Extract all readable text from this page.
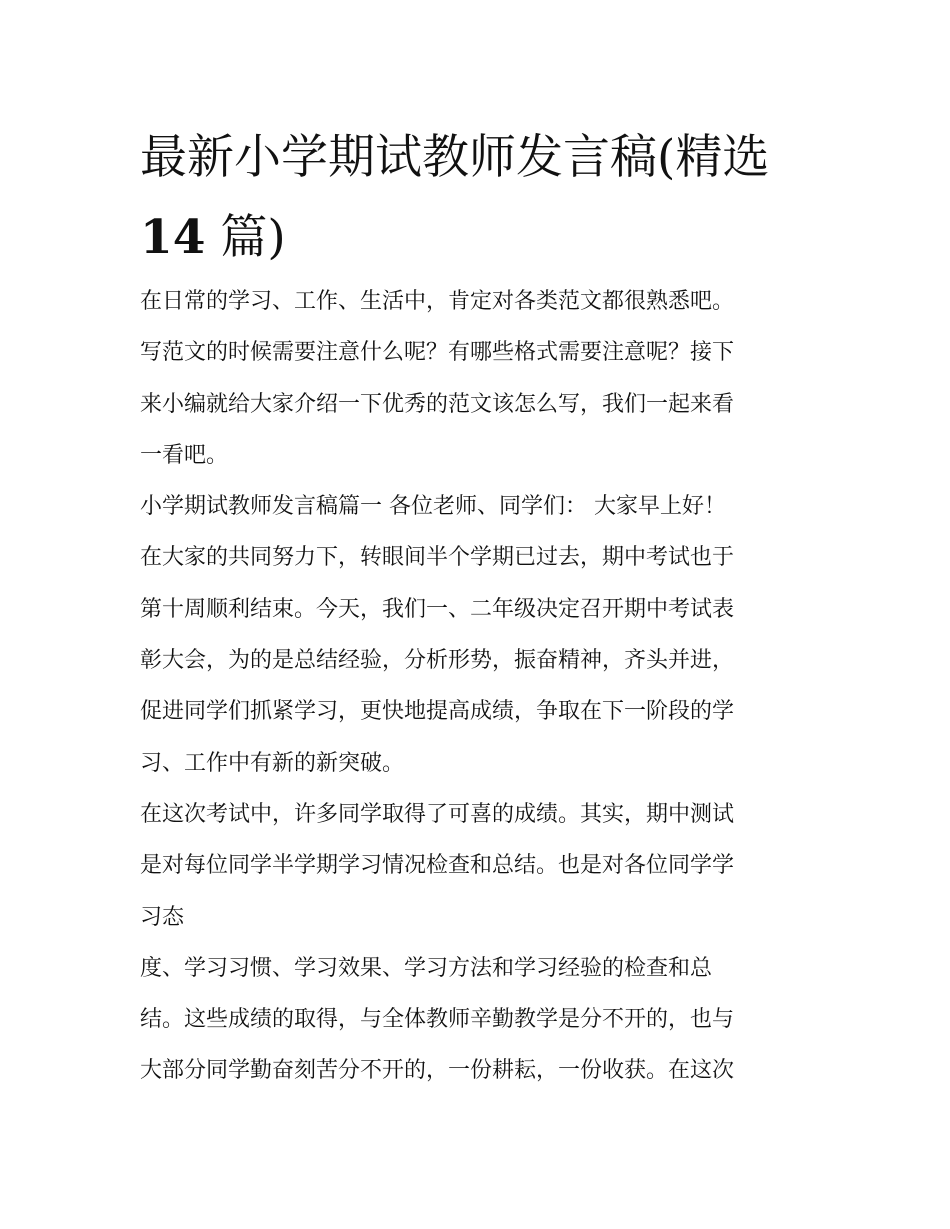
最新小学期试教师发言稿(精选
14 篇)
在日常的学习、工作、生活中，肯定对各类范文都很熟悉吧。
写范文的时候需要注意什么呢？有哪些格式需要注意呢？接下
来小编就给大家介绍一下优秀的范文该怎么写，我们一起来看
一看吧。
小学期试教师发言稿篇一 各位老师、同学们： 大家早上好！
在大家的共同努力下，转眼间半个学期已过去，期中考试也于
第十周顺利结束。今天，我们一、二年级决定召开期中考试表
彰大会，为的是总结经验，分析形势，振奋精神，齐头并进，
促进同学们抓紧学习，更快地提高成绩，争取在下一阶段的学
习、工作中有新的新突破。
在这次考试中，许多同学取得了可喜的成绩。其实，期中测试
是对每位同学半学期学习情况检查和总结。也是对各位同学学
习态
度、学习习惯、学习效果、学习方法和学习经验的检查和总
结。这些成绩的取得，与全体教师辛勤教学是分不开的，也与
大部分同学勤奋刻苦分不开的，一份耕耘，一份收获。在这次
